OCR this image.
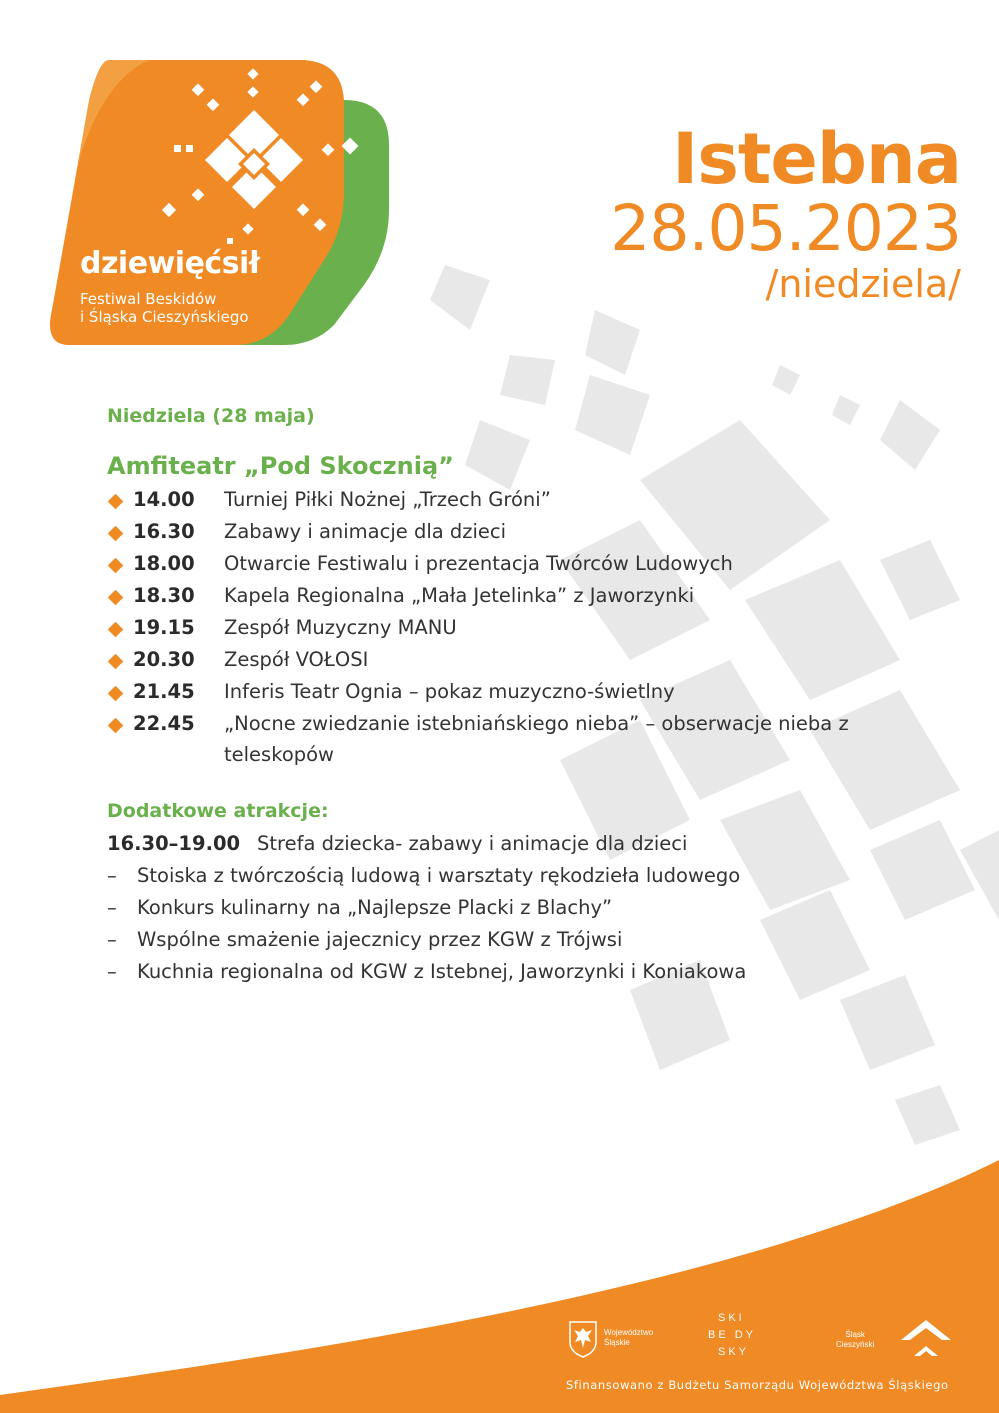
dziewięćsił
Festiwal Beskidów
i Śląska Cieszyńskiego
Istebna
28.05.2023
/niedziela/
Niedziela (28 maja)
Amfiteatr „Pod Skocznią”
14.00	Turniej Piłki Nożnej „Trzech Gróni”
16.30	Zabawy i animacje dla dzieci
18.00	Otwarcie Festiwalu i prezentacja Twórców Ludowych
18.30	Kapela Regionalna „Mała Jetelinka” z Jaworzynki
19.15	Zespół Muzyczny MANU
20.30	Zespół VOŁOSI
21.45	Inferis Teatr Ognia – pokaz muzyczno-świetlny
22.45	„Nocne zwiedzanie istebniańskiego nieba” – obserwacje nieba z teleskopów
Dodatkowe atrakcje:
16.30–19.00 Strefa dziecka- zabawy i animacje dla dzieci
–	Stoiska z twórczością ludową i warsztaty rękodzieła ludowego
–	Konkurs kulinarny na „Najlepsze Placki z Blachy”
–	Wspólne smażenie jajecznicy przez KGW z Trójwsi
–	Kuchnia regionalna od KGW z Istebnej, Jaworzynki i Koniakowa
Województwo
Śląskie
SKI
BE DY
SKY
Śląsk
Cieszyński
Sfinansowano z Budżetu Samorządu Województwa Śląskiego
